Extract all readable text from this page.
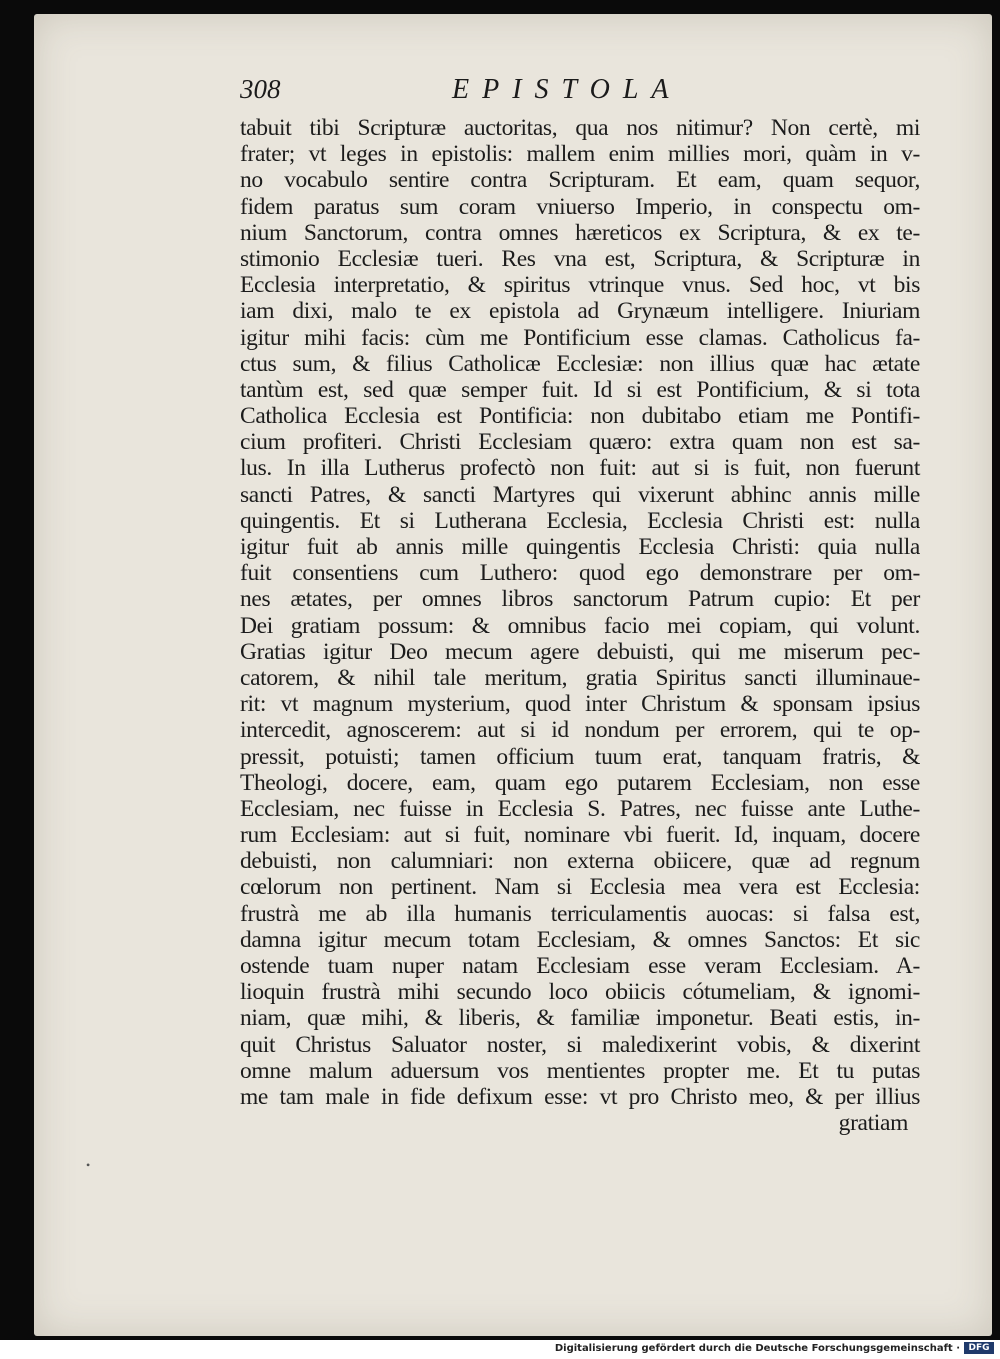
308	EPISTOLA
tabuit tibi Scripturæ auctoritas, qua nos nitimur? Non certè, mi
frater; vt leges in epistolis: mallem enim millies mori, quàm in v-
no vocabulo sentire contra Scripturam. Et eam, quam sequor,
fidem paratus sum coram vniuerso Imperio, in conspectu om-
nium Sanctorum, contra omnes hæreticos ex Scriptura, & ex te-
stimonio Ecclesiæ tueri. Res vna est, Scriptura, & Scripturæ in
Ecclesia interpretatio, & spiritus vtrinque vnus. Sed hoc, vt bis
iam dixi, malo te ex epistola ad Grynæum intelligere. Iniuriam
igitur mihi facis: cùm me Pontificium esse clamas. Catholicus fa-
ctus sum, & filius Catholicæ Ecclesiæ: non illius quæ hac ætate
tantùm est, sed quæ semper fuit. Id si est Pontificium, & si tota
Catholica Ecclesia est Pontificia: non dubitabo etiam me Pontifi-
cium profiteri. Christi Ecclesiam quæro: extra quam non est sa-
lus. In illa Lutherus profectò non fuit: aut si is fuit, non fuerunt
sancti Patres, & sancti Martyres qui vixerunt abhinc annis mille
quingentis. Et si Lutherana Ecclesia, Ecclesia Christi est: nulla
igitur fuit ab annis mille quingentis Ecclesia Christi: quia nulla
fuit consentiens cum Luthero: quod ego demonstrare per om-
nes ætates, per omnes libros sanctorum Patrum cupio: Et per
Dei gratiam possum: & omnibus facio mei copiam, qui volunt.
Gratias igitur Deo mecum agere debuisti, qui me miserum pec-
catorem, & nihil tale meritum, gratia Spiritus sancti illuminaue-
rit: vt magnum mysterium, quod inter Christum & sponsam ipsius
intercedit, agnoscerem: aut si id nondum per errorem, qui te op-
pressit, potuisti; tamen officium tuum erat, tanquam fratris, &
Theologi, docere, eam, quam ego putarem Ecclesiam, non esse
Ecclesiam, nec fuisse in Ecclesia S. Patres, nec fuisse ante Luthe-
rum Ecclesiam: aut si fuit, nominare vbi fuerit. Id, inquam, docere
debuisti, non calumniari: non externa obiicere, quæ ad regnum
cœlorum non pertinent. Nam si Ecclesia mea vera est Ecclesia:
frustrà me ab illa humanis terriculamentis auocas: si falsa est,
damna igitur mecum totam Ecclesiam, & omnes Sanctos: Et sic
ostende tuam nuper natam Ecclesiam esse veram Ecclesiam. A-
lioquin frustrà mihi secundo loco obiicis cótumeliam, & ignomi-
niam, quæ mihi, & liberis, & familiæ imponetur. Beati estis, in-
quit Christus Saluator noster, si maledixerint vobis, & dixerint
omne malum aduersum vos mentientes propter me. Et tu putas
me tam male in fide defixum esse: vt pro Christo meo, & per illius
gratiam
•
Digitalisierung gefördert durch die Deutsche Forschungsgemeinschaft · DFG
